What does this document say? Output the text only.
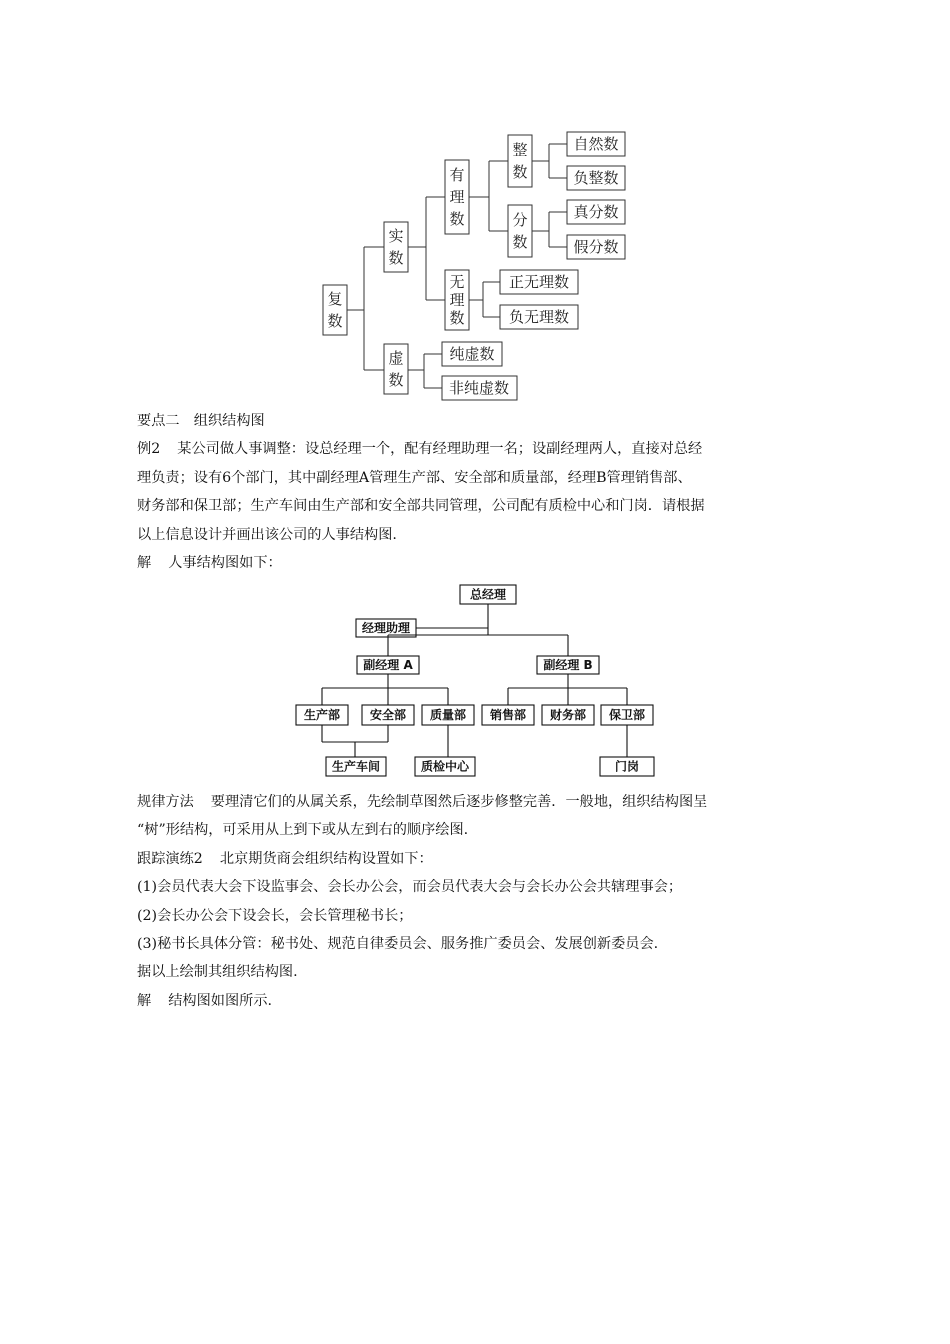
复
数
实
数
虚
数
有
理
数
无
理
数
整
数
分
数
自然数
负整数
真分数
假分数
正无理数
负无理数
纯虚数
非纯虚数
要点二　组织结构图
例2 某公司做人事调整：设总经理一个，配有经理助理一名；设副经理两人，直接对总经
理负责；设有6个部门，其中副经理A管理生产部、安全部和质量部，经理B管理销售部、
财务部和保卫部；生产车间由生产部和安全部共同管理，公司配有质检中心和门岗．请根据
以上信息设计并画出该公司的人事结构图.
解 人事结构图如下：
总经理
经理助理
副经理 A	副经理 B
生产部 安全部 质量部 销售部 财务部 保卫部
生产车间	质检中心	门岗
规律方法 要理清它们的从属关系，先绘制草图然后逐步修整完善．一般地，组织结构图呈
“树”形结构，可采用从上到下或从左到右的顺序绘图.
跟踪演练2 北京期货商会组织结构设置如下：
(1)会员代表大会下设监事会、会长办公会，而会员代表大会与会长办公会共辖理事会；
(2)会长办公会下设会长，会长管理秘书长；
(3)秘书长具体分管：秘书处、规范自律委员会、服务推广委员会、发展创新委员会.
据以上绘制其组织结构图.
解 结构图如图所示.
